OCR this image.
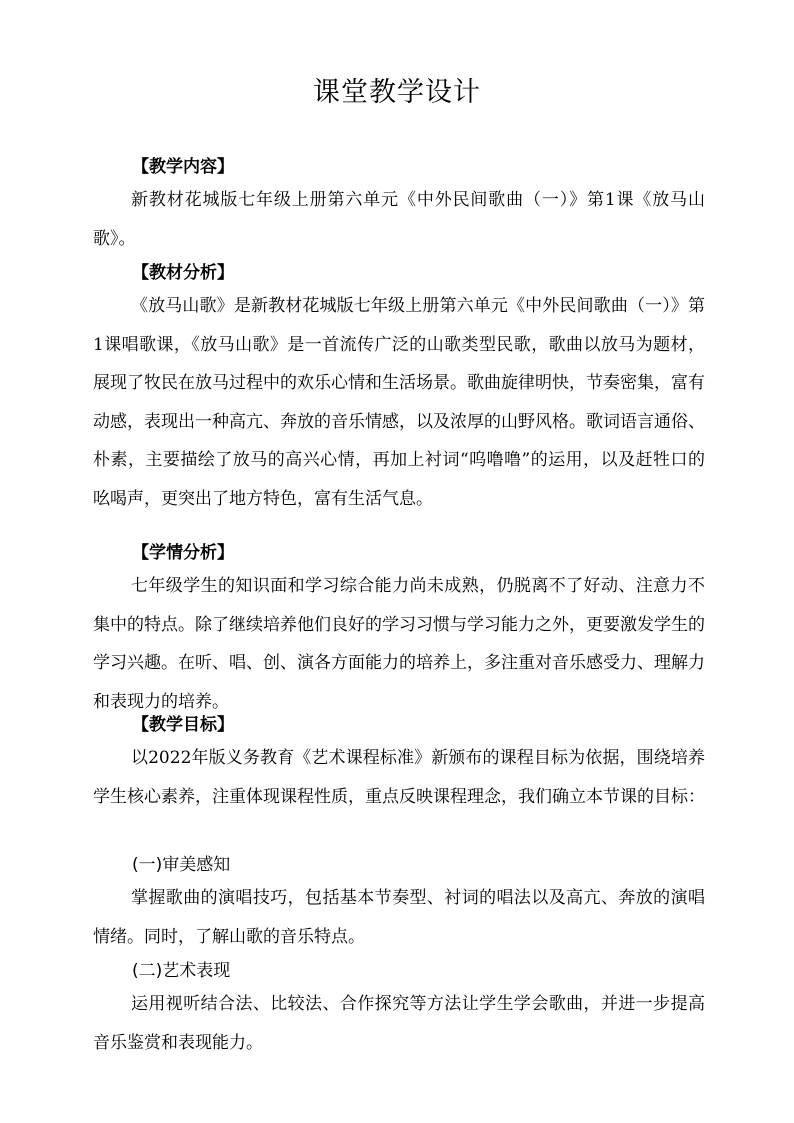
课堂教学设计
【教学内容】
新教材花城版七年级上册第六单元《中外民间歌曲（一）》第1课《放马山歌》。
【教材分析】
《放马山歌》是新教材花城版七年级上册第六单元《中外民间歌曲（一）》第1课唱歌课，《放马山歌》是一首流传广泛的山歌类型民歌，歌曲以放马为题材，展现了牧民在放马过程中的欢乐心情和生活场景。歌曲旋律明快，节奏密集，富有动感，表现出一种高亢、奔放的音乐情感，以及浓厚的山野风格。歌词语言通俗、朴素，主要描绘了放马的高兴心情，再加上衬词“呜噜噜”的运用，以及赶牲口的吆喝声，更突出了地方特色，富有生活气息。
【学情分析】
七年级学生的知识面和学习综合能力尚未成熟，仍脱离不了好动、注意力不集中的特点。除了继续培养他们良好的学习习惯与学习能力之外，更要激发学生的学习兴趣。在听、唱、创、演各方面能力的培养上，多注重对音乐感受力、理解力和表现力的培养。
【教学目标】
以2022年版义务教育《艺术课程标准》新颁布的课程目标为依据，围绕培养学生核心素养，注重体现课程性质，重点反映课程理念，我们确立本节课的目标：
(一)审美感知
掌握歌曲的演唱技巧，包括基本节奏型、衬词的唱法以及高亢、奔放的演唱情绪。同时，了解山歌的音乐特点。
(二)艺术表现
运用视听结合法、比较法、合作探究等方法让学生学会歌曲，并进一步提高音乐鉴赏和表现能力。
